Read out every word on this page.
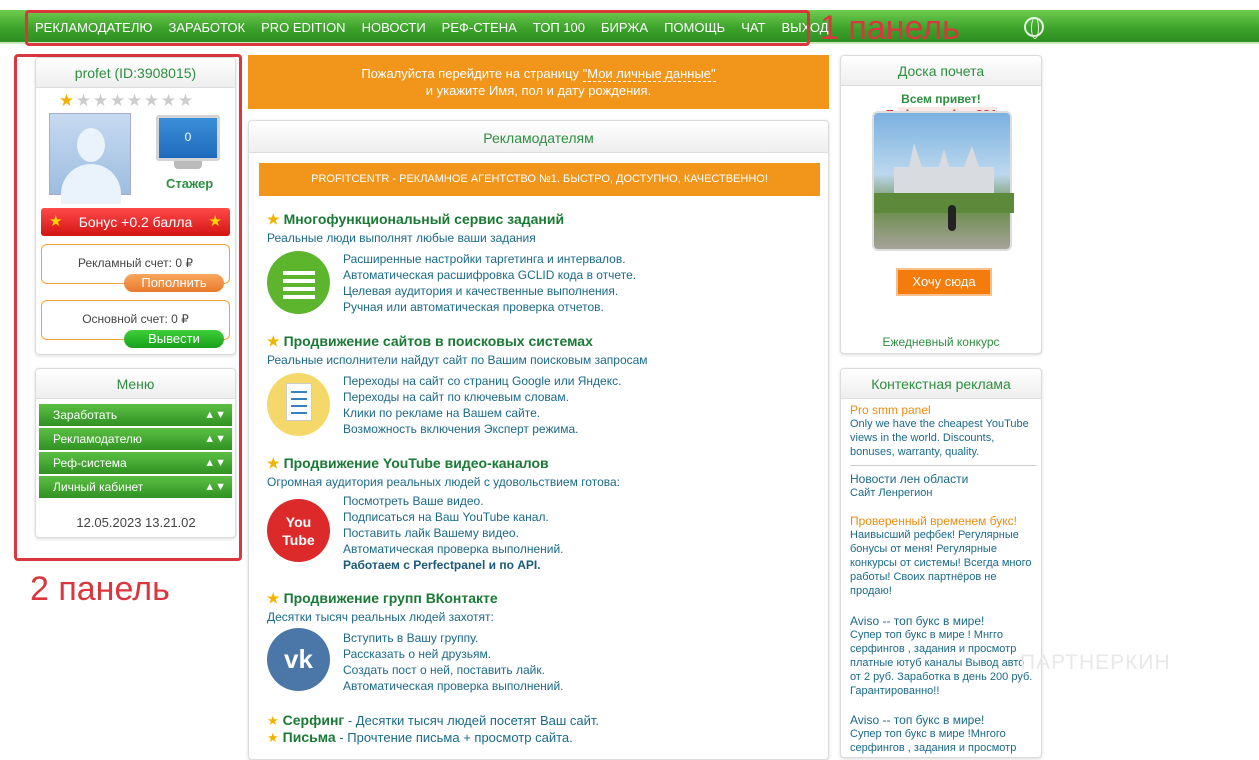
РЕКЛАМОДАТЕЛЮ ЗАРАБОТОК PRO EDITION НОВОСТИ РЕФ-СТЕНА ТОП 100 БИРЖА ПОМОЩЬ ЧАТ ВЫХОД
1 панель
2 панель
profet (ID:3908015)
★ ★ ★ ★ ★ ★ ★ ★
0
Стажер
★ Бонус +0.2 балла ★
Рекламный счет: 0 ₽
Пополнить
Основной счет: 0 ₽
Вывести
Меню
Заработать	▲▼
Рекламодателю	▲▼
Реф-система	▲▼
Личный кабинет	▲▼
12.05.2023 13.21.02
Пожалуйста перейдите на страницу "Мои личные данные"
и укажите Имя, пол и дату рождения.
Рекламодателям
PROFITCENTR - РЕКЛАМНОЕ АГЕНТСТВО №1. БЫСТРО, ДОСТУПНО, КАЧЕСТВЕННО!
★ Многофункциональный сервис заданий
Реальные люди выполнят любые ваши задания
Расширенные настройки таргетинга и интервалов.
Автоматическая расшифровка GCLID кода в отчете.
Целевая аудитория и качественные выполнения.
Ручная или автоматическая проверка отчетов.
★ Продвижение сайтов в поисковых системах
Реальные исполнители найдут сайт по Вашим поисковым запросам
Переходы на сайт со страниц Google или Яндекс.
Переходы на сайт по ключевым словам.
Клики по рекламе на Вашем сайте.
Возможность включения Эксперт режима.
★ Продвижение YouTube видео-каналов
Огромная аудитория реальных людей с удовольствием готова:
You Tube
Посмотреть Ваше видео.
Подписаться на Ваш YouTube канал.
Поставить лайк Вашему видео.
Автоматическая проверка выполнений.
Работаем с Perfectpanel и по API.
★ Продвижение групп ВКонтакте
Десятки тысяч реальных людей захотят:
vk
Вступить в Вашу группу.
Рассказать о ней друзьям.
Создать пост о ней, поставить лайк.
Автоматическая проверка выполнений.
★ Серфинг - Десятки тысяч людей посетят Ваш сайт.
★ Письма - Прочтение письма + просмотр сайта.
Доска почета
Всем привет!
Хочу сюда
Ежедневный конкурс
Контекстная реклама
Pro smm panel
Only we have the cheapest YouTube views in the world. Discounts, bonuses, warranty, quality.
Новости лен области
Сайт Ленрегион
Проверенный временем букс!
Наивысший рефбек! Регулярные бонусы от меня! Регулярные конкурсы от системы! Всегда много работы! Своих партнёров не продаю!
Aviso -- топ букс в мире!
Супер топ букс в мире ! Мнгго серфингов , задания и просмотр платные ютуб каналы Вывод авто от 2 руб. Заработка в день 200 руб. Гарантированно!!
Aviso -- топ букс в мире!
Супер топ букс в мире !Мнгого серфингов , задания и просмотр
ПАРТНЕРКИН
